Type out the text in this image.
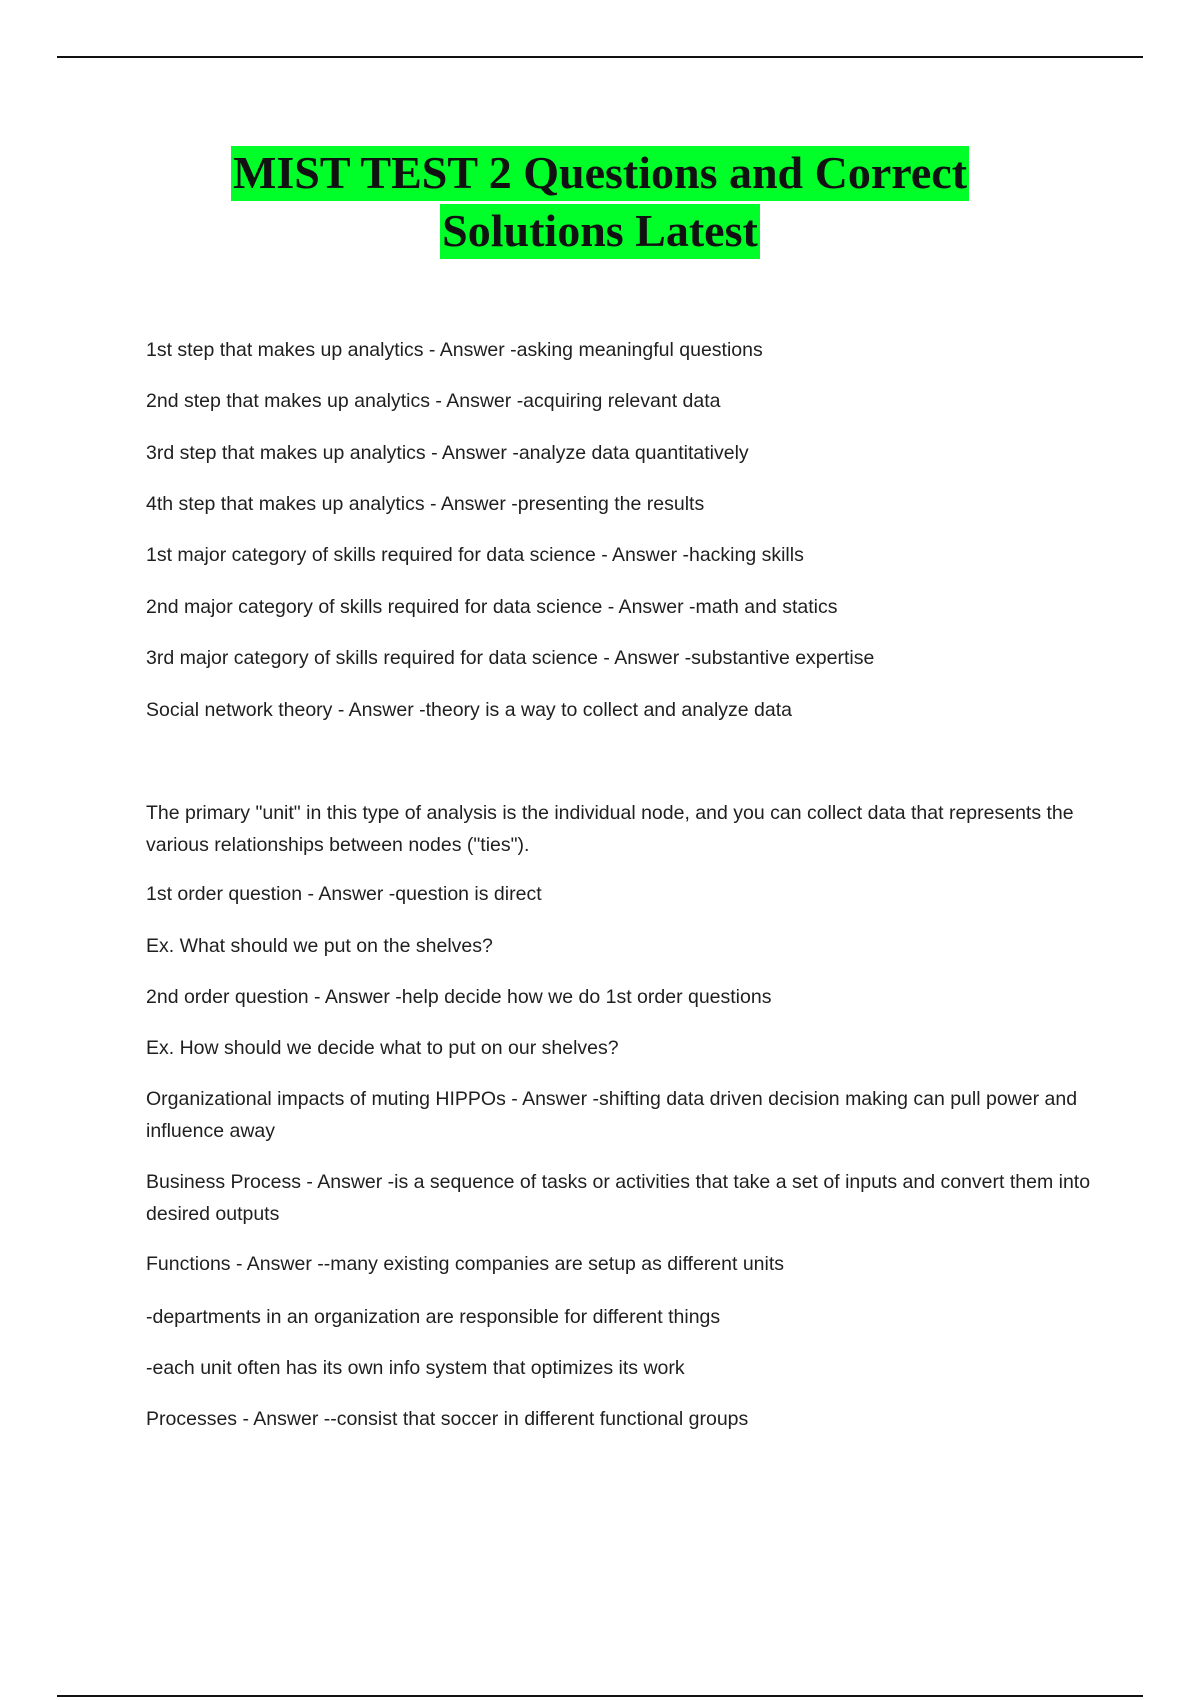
MIST TEST 2 Questions and Correct
Solutions Latest
1st step that makes up analytics - Answer -asking meaningful questions
2nd step that makes up analytics - Answer -acquiring relevant data
3rd step that makes up analytics - Answer -analyze data quantitatively
4th step that makes up analytics - Answer -presenting the results
1st major category of skills required for data science - Answer -hacking skills
2nd major category of skills required for data science - Answer -math and statics
3rd major category of skills required for data science - Answer -substantive expertise
Social network theory - Answer -theory is a way to collect and analyze data
The primary "unit" in this type of analysis is the individual node, and you can collect data that represents the various relationships between nodes ("ties").
1st order question - Answer -question is direct
Ex. What should we put on the shelves?
2nd order question - Answer -help decide how we do 1st order questions
Ex. How should we decide what to put on our shelves?
Organizational impacts of muting HIPPOs - Answer -shifting data driven decision making can pull power and influence away
Business Process - Answer -is a sequence of tasks or activities that take a set of inputs and convert them into desired outputs
Functions - Answer --many existing companies are setup as different units
-departments in an organization are responsible for different things
-each unit often has its own info system that optimizes its work
Processes - Answer --consist that soccer in different functional groups
